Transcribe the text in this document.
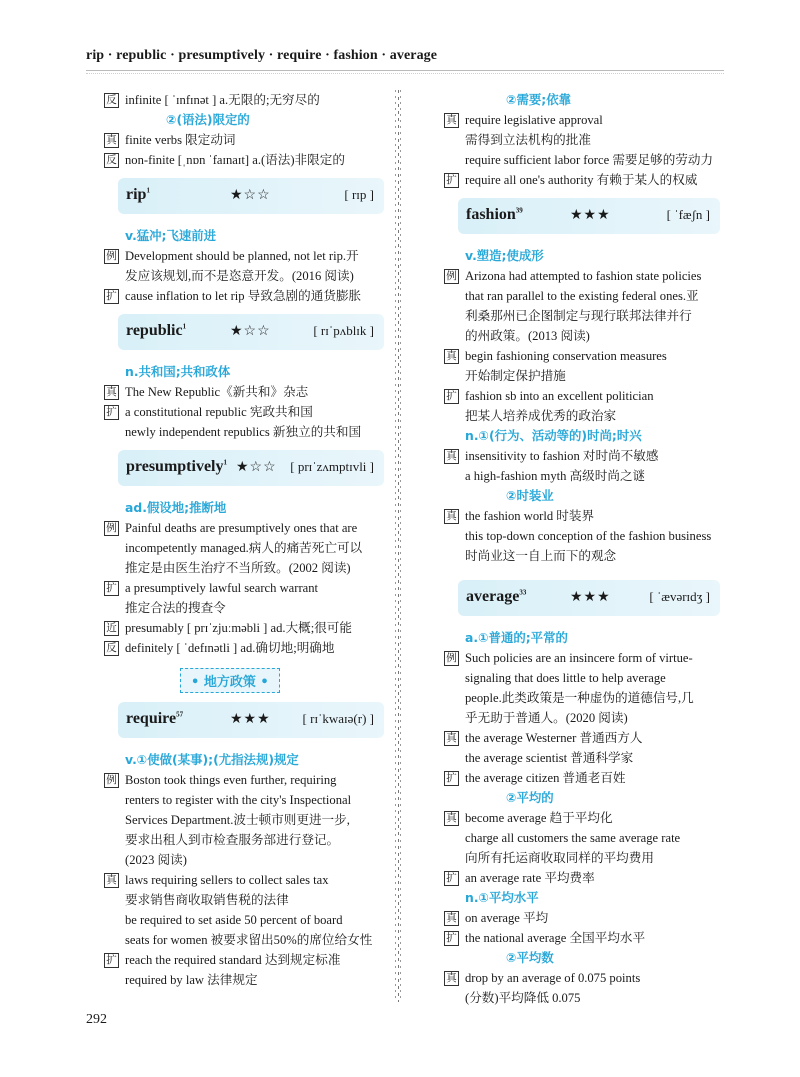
rip · republic · presumptively · require · fashion · average
反 infinite [ ˈɪnfɪnət ] a.无限的;无穷尽的
②(语法)限定的
真 finite verbs 限定动词
反 non-finite [ˌnɒn ˈfaɪnaɪt] a.(语法)非限定的
rip$^1$	★☆☆	[ rɪp ]
v.猛冲;飞速前进
例 Development should be planned, not let rip.开
发应该规划,而不是恣意开发。(2016 阅读)
扩 cause inflation to let rip 导致急剧的通货膨胀
republic$^1$	★☆☆	[ rɪˈpʌblɪk ]
n.共和国;共和政体
真 The New Republic《新共和》杂志
扩 a constitutional republic 宪政共和国
newly independent republics 新独立的共和国
presumptively$^1$ ★☆☆ [ prɪˈzʌmptɪvli ]
ad.假设地;推断地
例 Painful deaths are presumptively ones that are
incompetently managed.病人的痛苦死亡可以
推定是由医生治疗不当所致。(2002 阅读)
扩 a presumptively lawful search warrant
推定合法的搜查令
近 presumably [ prɪˈzjuːməbli ] ad.大概;很可能
反 definitely [ ˈdefɪnətli ] ad.确切地;明确地
• 地方政策 •
require$^{57}$	★★★ [ rɪˈkwaɪə(r) ]
v.①使做(某事);(尤指法规)规定
例 Boston took things even further, requiring
renters to register with the city's Inspectional
Services Department.波士顿市则更进一步,
要求出租人到市检查服务部进行登记。
(2023 阅读)
真 laws requiring sellers to collect sales tax
要求销售商收取销售税的法律
be required to set aside 50 percent of board
seats for women 被要求留出50%的席位给女性
扩 reach the required standard 达到规定标准
required by law 法律规定
②需要;依靠
真 require legislative approval
需得到立法机构的批准
require sufficient labor force 需要足够的劳动力
扩 require all one's authority 有赖于某人的权威
fashion$^{39}$	★★★	[ ˈfæʃn ]
v.塑造;使成形
例 Arizona had attempted to fashion state policies
that ran parallel to the existing federal ones.亚
利桑那州已企图制定与现行联邦法律并行
的州政策。(2013 阅读)
真 begin fashioning conservation measures
开始制定保护措施
扩 fashion sb into an excellent politician
把某人培养成优秀的政治家
n.①(行为、活动等的)时尚;时兴
真 insensitivity to fashion 对时尚不敏感
a high-fashion myth 高级时尚之谜
②时装业
真 the fashion world 时装界
this top-down conception of the fashion business
时尚业这一自上而下的观念
average$^{33}$	★★★	[ ˈævərɪdʒ ]
a.①普通的;平常的
例 Such policies are an insincere form of virtue-
signaling that does little to help average
people.此类政策是一种虚伪的道德信号,几
乎无助于普通人。(2020 阅读)
真 the average Westerner 普通西方人
the average scientist 普通科学家
扩 the average citizen 普通老百姓
②平均的
真 become average 趋于平均化
charge all customers the same average rate
向所有托运商收取同样的平均费用
扩 an average rate 平均费率
n.①平均水平
真 on average 平均
扩 the national average 全国平均水平
②平均数
真 drop by an average of 0.075 points
(分数)平均降低 0.075
292
